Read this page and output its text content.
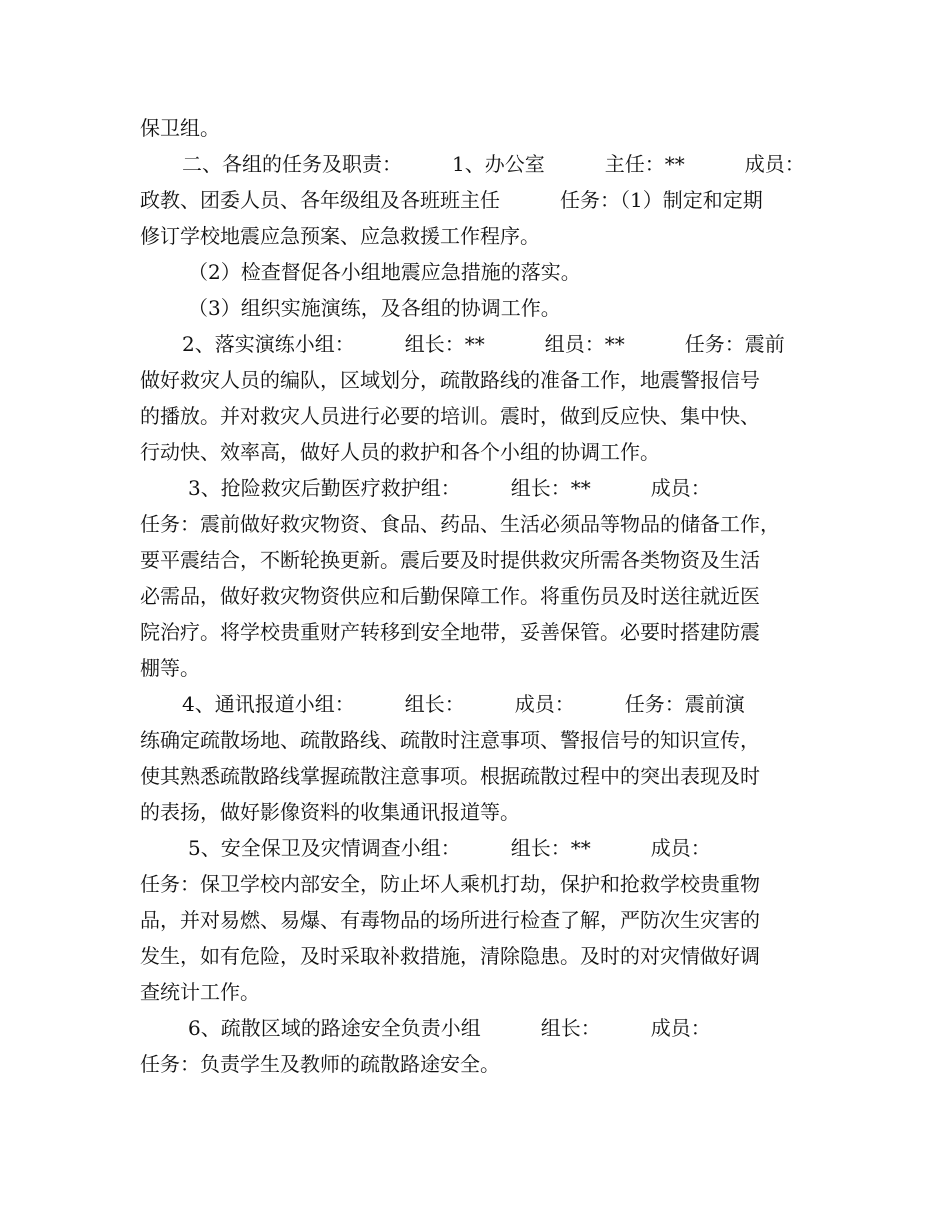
保卫组。
二、各组的任务及职责：　　　1、办公室　　　主任：**　　　成员：
政教、团委人员、各年级组及各班班主任　　　任务：（1）制定和定期
修订学校地震应急预案、应急救援工作程序。
（2）检查督促各小组地震应急措施的落实。
（3）组织实施演练，及各组的协调工作。
2、落实演练小组：　　　组长：**　　　组员：**　　　任务：震前
做好救灾人员的编队，区域划分，疏散路线的准备工作，地震警报信号
的播放。并对救灾人员进行必要的培训。震时，做到反应快、集中快、
行动快、效率高，做好人员的救护和各个小组的协调工作。
3、抢险救灾后勤医疗救护组：　　　组长：**　　　成员：
任务：震前做好救灾物资、食品、药品、生活必须品等物品的储备工作，
要平震结合，不断轮换更新。震后要及时提供救灾所需各类物资及生活
必需品，做好救灾物资供应和后勤保障工作。将重伤员及时送往就近医
院治疗。将学校贵重财产转移到安全地带，妥善保管。必要时搭建防震
棚等。
4、通讯报道小组：　　　组长：　　　成员：　　　任务：震前演
练确定疏散场地、疏散路线、疏散时注意事项、警报信号的知识宣传，
使其熟悉疏散路线掌握疏散注意事项。根据疏散过程中的突出表现及时
的表扬，做好影像资料的收集通讯报道等。
5、安全保卫及灾情调查小组：　　　组长：**　　　成员：
任务：保卫学校内部安全，防止坏人乘机打劫，保护和抢救学校贵重物
品，并对易燃、易爆、有毒物品的场所进行检查了解，严防次生灾害的
发生，如有危险，及时采取补救措施，清除隐患。及时的对灾情做好调
查统计工作。
6、疏散区域的路途安全负责小组　　　组长：　　　成员：
任务：负责学生及教师的疏散路途安全。
